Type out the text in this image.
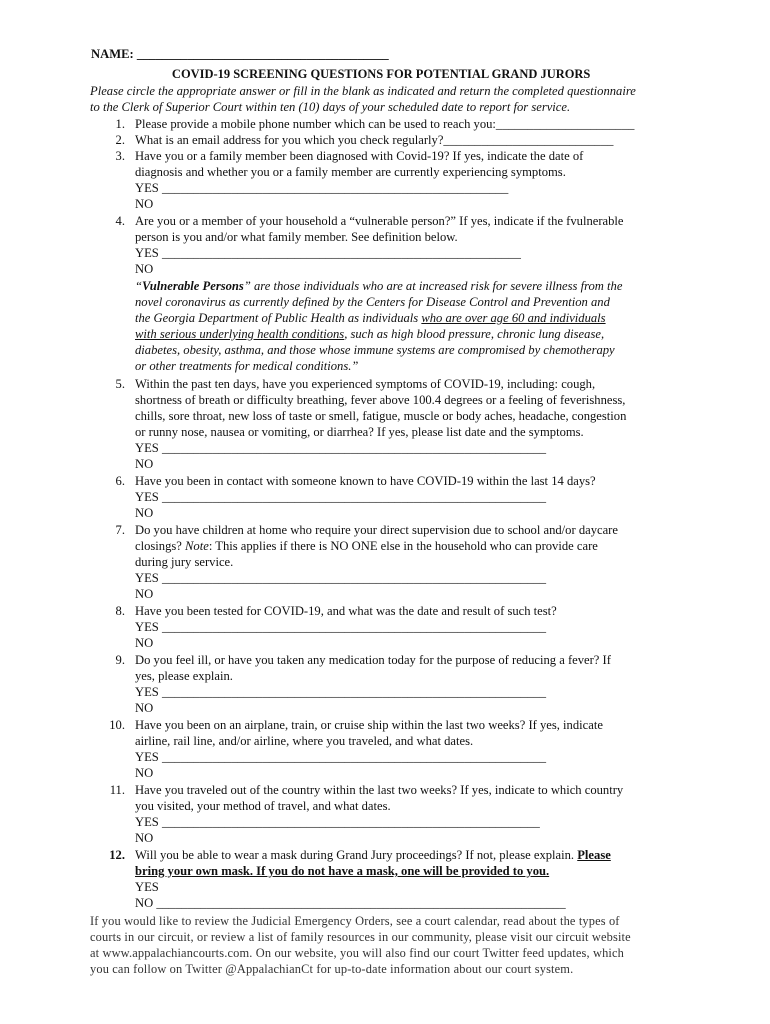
NAME: ________________________________________
COVID-19 SCREENING QUESTIONS FOR POTENTIAL GRAND JURORS
Please circle the appropriate answer or fill in the blank as indicated and return the completed questionnaire
to the Clerk of Superior Court within ten (10) days of your scheduled date to report for service.
1. Please provide a mobile phone number which can be used to reach you:______________________
2. What is an email address for you which you check regularly?___________________________
3. Have you or a family member been diagnosed with Covid-19? If yes, indicate the date of
diagnosis and whether you or a family member are currently experiencing symptoms.
YES _______________________________________________________
NO
4. Are you or a member of your household a “vulnerable person?” If yes, indicate if the fvulnerable
person is you and/or what family member. See definition below.
YES _________________________________________________________
NO
“Vulnerable Persons” are those individuals who are at increased risk for severe illness from the
novel coronavirus as currently defined by the Centers for Disease Control and Prevention and
the Georgia Department of Public Health as individuals who are over age 60 and individuals
with serious underlying health conditions, such as high blood pressure, chronic lung disease,
diabetes, obesity, asthma, and those whose immune systems are compromised by chemotherapy
or other treatments for medical conditions.”
5. Within the past ten days, have you experienced symptoms of COVID-19, including: cough,
shortness of breath or difficulty breathing, fever above 100.4 degrees or a feeling of feverishness,
chills, sore throat, new loss of taste or smell, fatigue, muscle or body aches, headache, congestion
or runny nose, nausea or vomiting, or diarrhea? If yes, please list date and the symptoms.
YES _____________________________________________________________
NO
6. Have you been in contact with someone known to have COVID-19 within the last 14 days?
YES _____________________________________________________________
NO
7. Do you have children at home who require your direct supervision due to school and/or daycare
closings? Note: This applies if there is NO ONE else in the household who can provide care
during jury service.
YES _____________________________________________________________
NO
8. Have you been tested for COVID-19, and what was the date and result of such test?
YES _____________________________________________________________
NO
9. Do you feel ill, or have you taken any medication today for the purpose of reducing a fever? If
yes, please explain.
YES _____________________________________________________________
NO
10. Have you been on an airplane, train, or cruise ship within the last two weeks? If yes, indicate
airline, rail line, and/or airline, where you traveled, and what dates.
YES _____________________________________________________________
NO
11. Have you traveled out of the country within the last two weeks? If yes, indicate to which country
you visited, your method of travel, and what dates.
YES ____________________________________________________________
NO
12. Will you be able to wear a mask during Grand Jury proceedings? If not, please explain. Please
bring your own mask. If you do not have a mask, one will be provided to you.
YES
NO _________________________________________________________________
If you would like to review the Judicial Emergency Orders, see a court calendar, read about the types of
courts in our circuit, or review a list of family resources in our community, please visit our circuit website
at www.appalachiancourts.com. On our website, you will also find our court Twitter feed updates, which
you can follow on Twitter @AppalachianCt for up-to-date information about our court system.
